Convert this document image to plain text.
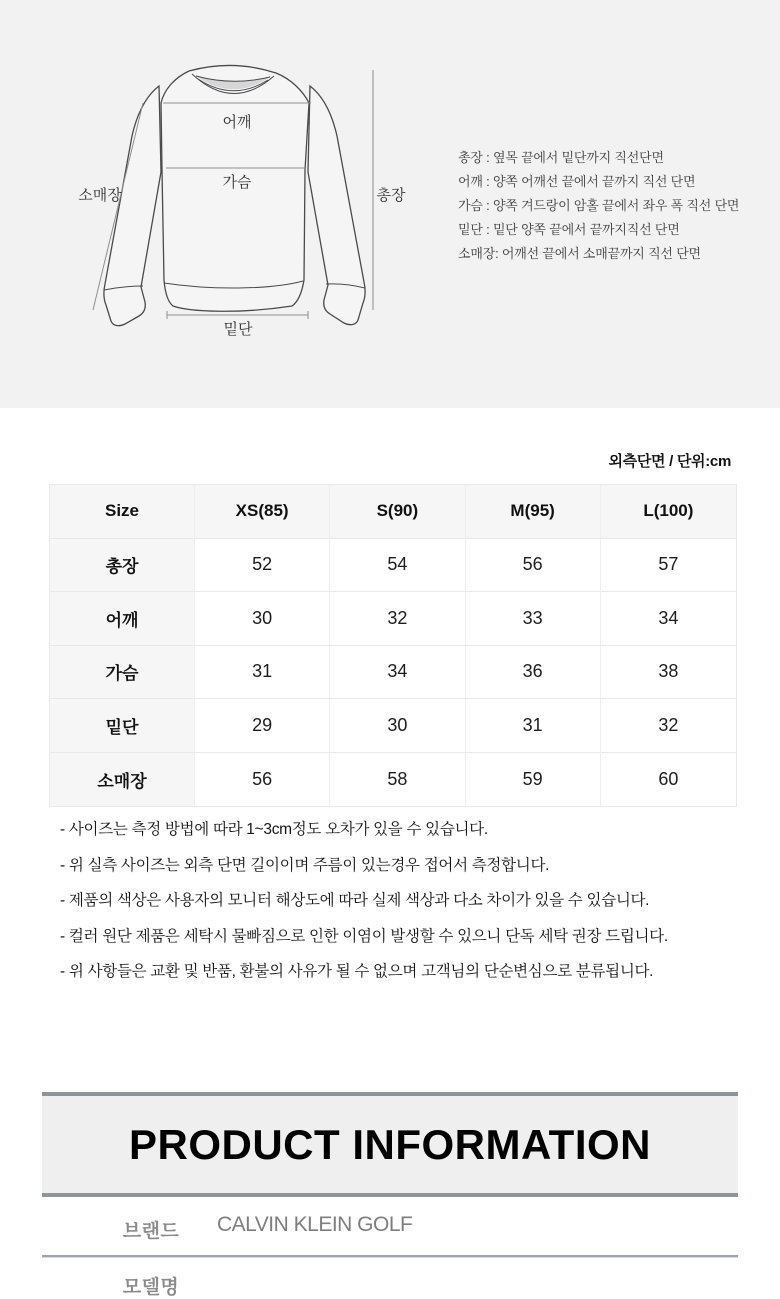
어깨
가슴
밑단
소매장	총장
총장 : 옆목 끝에서 밑단까지 직선단면
어깨 : 양쪽 어깨선 끝에서 끝까지 직선 단면
가슴 : 양쪽 겨드랑이 암홀 끝에서 좌우 폭 직선 단면
밑단 : 밑단 양쪽 끝에서 끝까지직선 단면
소매장: 어깨선 끝에서 소매끝까지 직선 단면
외측단면 / 단위:cm
Size	XS(85)	S(90)	M(95)	L(100)
총장	52	54	56	57
어깨	30	32	33	34
가슴	31	34	36	38
밑단	29	30	31	32
소매장	56	58	59	60
- 사이즈는 측정 방법에 따라 1~3cm정도 오차가 있을 수 있습니다.
- 위 실측 사이즈는 외측 단면 길이이며 주름이 있는경우 접어서 측정합니다.
- 제품의 색상은 사용자의 모니터 해상도에 따라 실제 색상과 다소 차이가 있을 수 있습니다.
- 컬러 원단 제품은 세탁시 물빠짐으로 인한 이염이 발생할 수 있으니 단독 세탁 권장 드립니다.
- 위 사항들은 교환 및 반품, 환불의 사유가 될 수 없으며 고객님의 단순변심으로 분류됩니다.
PRODUCT INFORMATION
브랜드 CALVIN KLEIN GOLF
모델명
